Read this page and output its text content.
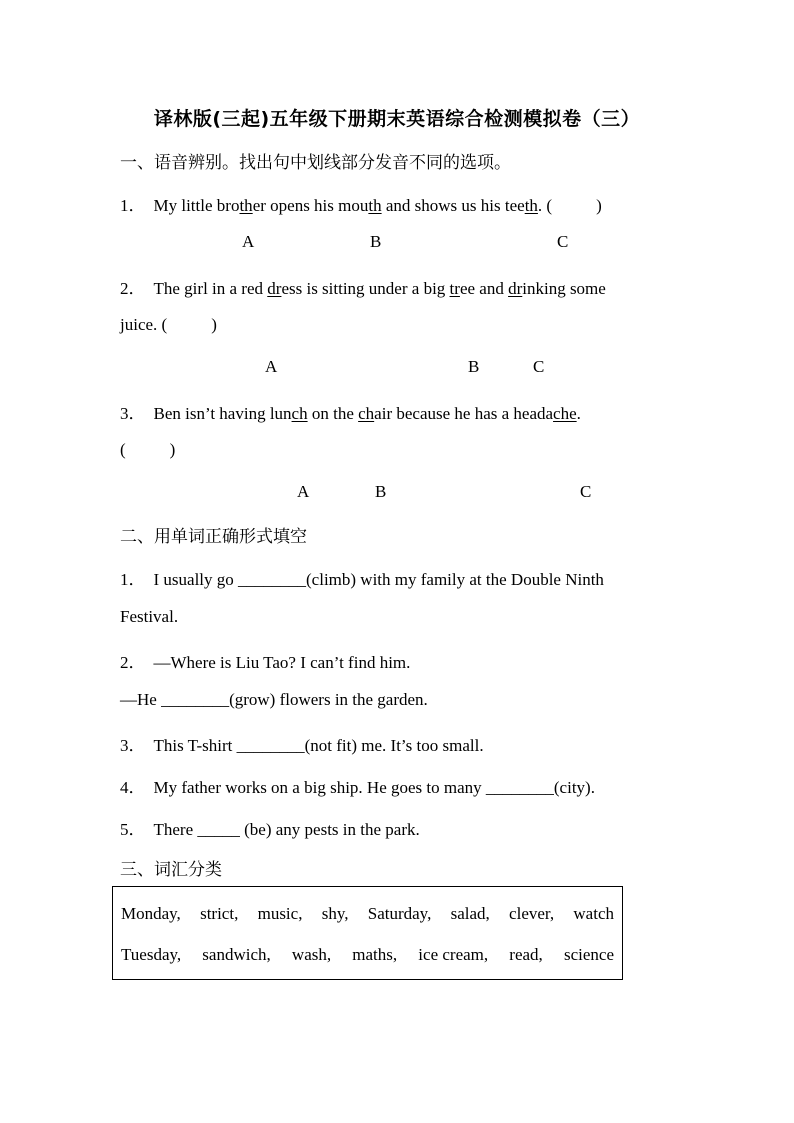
译林版(三起)五年级下册期末英语综合检测模拟卷（三）
一、语音辨别。找出句中划线部分发音不同的选项。
1． My little brother opens his mouth and shows us his teeth. (	)
A	B	C
2． The girl in a red dress is sitting under a big tree and drinking some
juice. (	)
A	B	C
3． Ben isn’t having lunch on the chair because he has a headache.
(	)
A	B	C
二、用单词正确形式填空
1． I usually go ________(climb) with my family at the Double Ninth
Festival.
2． —Where is Liu Tao? I can’t find him.
—He ________(grow) flowers in the garden.
3． This T-shirt ________(not fit) me. It’s too small.
4． My father works on a big ship. He goes to many ________(city).
5． There _____ (be) any pests in the park.
三、词汇分类
Monday, strict, music, shy, Saturday, salad, clever, watch
Tuesday, sandwich, wash, maths, ice cream, read, science
